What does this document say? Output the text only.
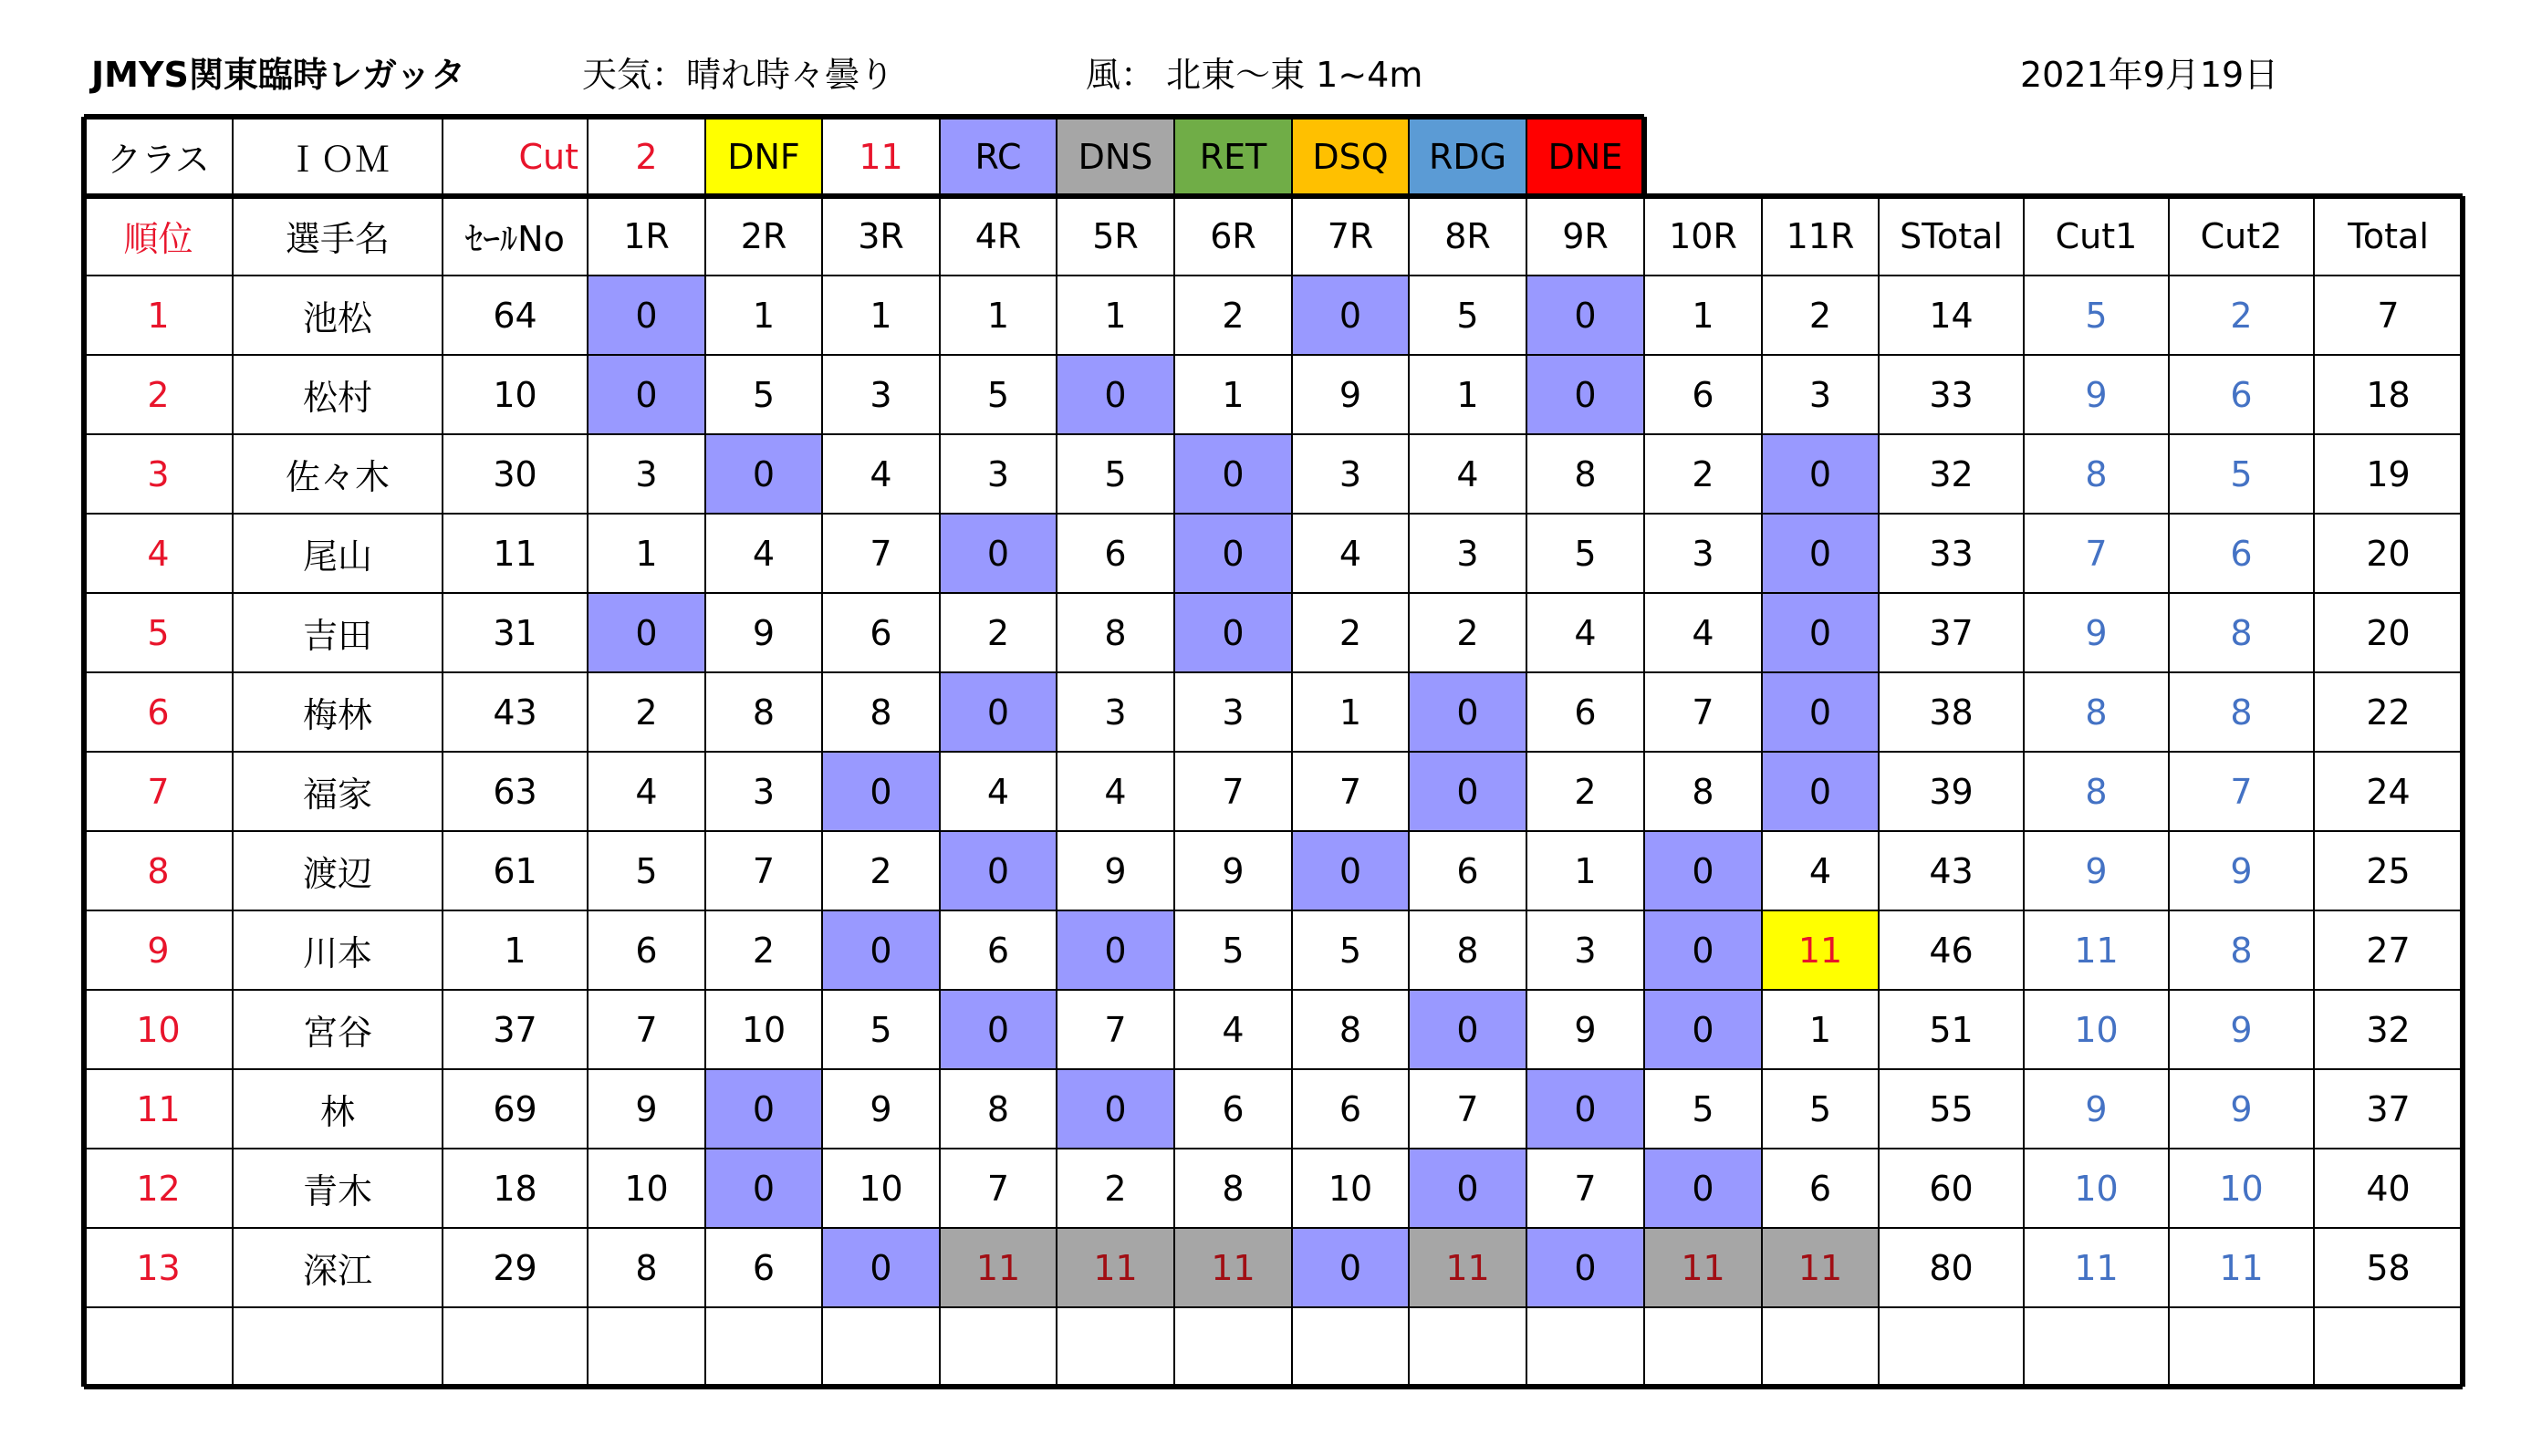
JMYS関東臨時レガッタ	天気：晴れ時々曇り	風： 北東～東 1~4m	2021年9月19日
クラス	ＩＯＭ	Cut	2	DNF	11	RC	DNS	RET	DSQ	RDG	DNE
順位	選手名	ｾｰﾙNo	1R	2R	3R	4R	5R	6R	7R	8R	9R	10R	11R	STotal	Cut1	Cut2	Total
1	池松	64	0	1	1	1	1	2	0	5	0	1	2	14	5	2	7
2	松村	10	0	5	3	5	0	1	9	1	0	6	3	33	9	6	18
3	佐々木	30	3	0	4	3	5	0	3	4	8	2	0	32	8	5	19
4	尾山	11	1	4	7	0	6	0	4	3	5	3	0	33	7	6	20
5	吉田	31	0	9	6	2	8	0	2	2	4	4	0	37	9	8	20
6	梅林	43	2	8	8	0	3	3	1	0	6	7	0	38	8	8	22
7	福家	63	4	3	0	4	4	7	7	0	2	8	0	39	8	7	24
8	渡辺	61	5	7	2	0	9	9	0	6	1	0	4	43	9	9	25
9	川本	1	6	2	0	6	0	5	5	8	3	0	11	46	11	8	27
10	宮谷	37	7	10	5	0	7	4	8	0	9	0	1	51	10	9	32
11	林	69	9	0	9	8	0	6	6	7	0	5	5	55	9	9	37
12	青木	18	10	0	10	7	2	8	10	0	7	0	6	60	10	10	40
13	深江	29	8	6	0	11	11	11	0	11	0	11	11	80	11	11	58
